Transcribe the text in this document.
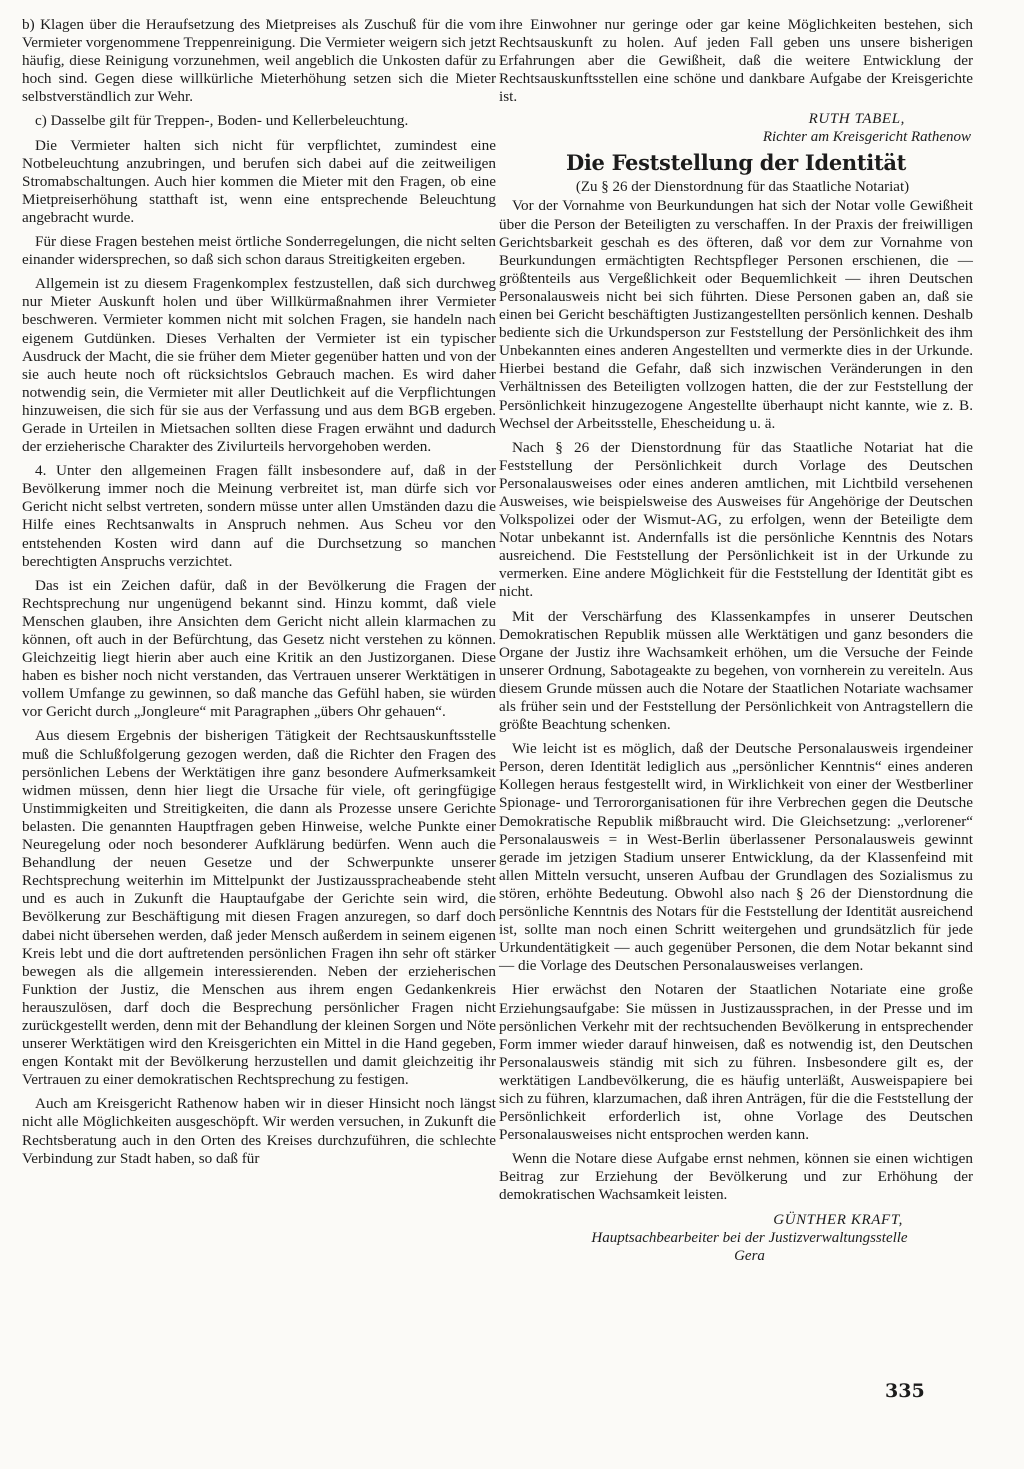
b) Klagen über die Heraufsetzung des Mietpreises als Zuschuß für die vom Vermieter vorgenommene Treppenreinigung. Die Vermieter weigern sich jetzt häufig, diese Reinigung vorzunehmen, weil angeblich die Unkosten dafür zu hoch sind. Gegen diese willkürliche Mieterhöhung setzen sich die Mieter selbstverständlich zur Wehr.

c) Dasselbe gilt für Treppen-, Boden- und Kellerbeleuchtung.

Die Vermieter halten sich nicht für verpflichtet, zumindest eine Notbeleuchtung anzubringen, und berufen sich dabei auf die zeitweiligen Stromabschaltungen. Auch hier kommen die Mieter mit den Fragen, ob eine Mietpreiserhöhung statthaft ist, wenn eine entsprechende Beleuchtung angebracht wurde.

Für diese Fragen bestehen meist örtliche Sonderregelungen, die nicht selten einander widersprechen, so daß sich schon daraus Streitigkeiten ergeben.

Allgemein ist zu diesem Fragenkomplex festzustellen, daß sich durchweg nur Mieter Auskunft holen und über Willkürmaßnahmen ihrer Vermieter beschweren. Vermieter kommen nicht mit solchen Fragen, sie handeln nach eigenem Gutdünken. Dieses Verhalten der Vermieter ist ein typischer Ausdruck der Macht, die sie früher dem Mieter gegenüber hatten und von der sie auch heute noch oft rücksichtslos Gebrauch machen. Es wird daher notwendig sein, die Vermieter mit aller Deutlichkeit auf die Verpflichtungen hinzuweisen, die sich für sie aus der Verfassung und aus dem BGB ergeben. Gerade in Urteilen in Mietsachen sollten diese Fragen erwähnt und dadurch der erzieherische Charakter des Zivilurteils hervorgehoben werden.

4. Unter den allgemeinen Fragen fällt insbesondere auf, daß in der Bevölkerung immer noch die Meinung verbreitet ist, man dürfe sich vor Gericht nicht selbst vertreten, sondern müsse unter allen Umständen dazu die Hilfe eines Rechtsanwalts in Anspruch nehmen. Aus Scheu vor den entstehenden Kosten wird dann auf die Durchsetzung so manchen berechtigten Anspruchs verzichtet.

Das ist ein Zeichen dafür, daß in der Bevölkerung die Fragen der Rechtsprechung nur ungenügend bekannt sind. Hinzu kommt, daß viele Menschen glauben, ihre Ansichten dem Gericht nicht allein klarmachen zu können, oft auch in der Befürchtung, das Gesetz nicht verstehen zu können. Gleichzeitig liegt hierin aber auch eine Kritik an den Justizorganen. Diese haben es bisher noch nicht verstanden, das Vertrauen unserer Werktätigen in vollem Umfange zu gewinnen, so daß manche das Gefühl haben, sie würden vor Gericht durch „Jongleure“ mit Paragraphen „übers Ohr gehauen“.

Aus diesem Ergebnis der bisherigen Tätigkeit der Rechtsauskunftsstelle muß die Schlußfolgerung gezogen werden, daß die Richter den Fragen des persönlichen Lebens der Werktätigen ihre ganz besondere Aufmerksamkeit widmen müssen, denn hier liegt die Ursache für viele, oft geringfügige Unstimmigkeiten und Streitigkeiten, die dann als Prozesse unsere Gerichte belasten. Die genannten Hauptfragen geben Hinweise, welche Punkte einer Neuregelung oder noch besonderer Aufklärung bedürfen. Wenn auch die Behandlung der neuen Gesetze und der Schwerpunkte unserer Rechtsprechung weiterhin im Mittelpunkt der Justizausspracheabende steht und es auch in Zukunft die Hauptaufgabe der Gerichte sein wird, die Bevölkerung zur Beschäftigung mit diesen Fragen anzuregen, so darf doch dabei nicht übersehen werden, daß jeder Mensch außerdem in seinem eigenen Kreis lebt und die dort auftretenden persönlichen Fragen ihn sehr oft stärker bewegen als die allgemein interessierenden. Neben der erzieherischen Funktion der Justiz, die Menschen aus ihrem engen Gedankenkreis herauszulösen, darf doch die Besprechung persönlicher Fragen nicht zurückgestellt werden, denn mit der Behandlung der kleinen Sorgen und Nöte unserer Werktätigen wird den Kreisgerichten ein Mittel in die Hand gegeben, engen Kontakt mit der Bevölkerung herzustellen und damit gleichzeitig ihr Vertrauen zu einer demokratischen Rechtsprechung zu festigen.

Auch am Kreisgericht Rathenow haben wir in dieser Hinsicht noch längst nicht alle Möglichkeiten ausgeschöpft. Wir werden versuchen, in Zukunft die Rechtsberatung auch in den Orten des Kreises durchzuführen, die schlechte Verbindung zur Stadt haben, so daß für

ihre Einwohner nur geringe oder gar keine Möglichkeiten bestehen, sich Rechtsauskunft zu holen. Auf jeden Fall geben uns unsere bisherigen Erfahrungen aber die Gewißheit, daß die weitere Entwicklung der Rechtsauskunftsstellen eine schöne und dankbare Aufgabe der Kreisgerichte ist.

RUTH TABEL,

Richter am Kreisgericht Rathenow

Die Feststellung der Identität

(Zu § 26 der Dienstordnung für das Staatliche Notariat)

Vor der Vornahme von Beurkundungen hat sich der Notar volle Gewißheit über die Person der Beteiligten zu verschaffen. In der Praxis der freiwilligen Gerichtsbarkeit geschah es des öfteren, daß vor dem zur Vornahme von Beurkundungen ermächtigten Rechtspfleger Personen erschienen, die — größtenteils aus Vergeßlichkeit oder Bequemlichkeit — ihren Deutschen Personalausweis nicht bei sich führten. Diese Personen gaben an, daß sie einen bei Gericht beschäftigten Justizangestellten persönlich kennen. Deshalb bediente sich die Urkundsperson zur Feststellung der Persönlichkeit des ihm Unbekannten eines anderen Angestellten und vermerkte dies in der Urkunde. Hierbei bestand die Gefahr, daß sich inzwischen Veränderungen in den Verhältnissen des Beteiligten vollzogen hatten, die der zur Feststellung der Persönlichkeit hinzugezogene Angestellte überhaupt nicht kannte, wie z. B. Wechsel der Arbeitsstelle, Ehescheidung u. ä.

Nach § 26 der Dienstordnung für das Staatliche Notariat hat die Feststellung der Persönlichkeit durch Vorlage des Deutschen Personalausweises oder eines anderen amtlichen, mit Lichtbild versehenen Ausweises, wie beispielsweise des Ausweises für Angehörige der Deutschen Volkspolizei oder der Wismut-AG, zu erfolgen, wenn der Beteiligte dem Notar unbekannt ist. Andernfalls ist die persönliche Kenntnis des Notars ausreichend. Die Feststellung der Persönlichkeit ist in der Urkunde zu vermerken. Eine andere Möglichkeit für die Feststellung der Identität gibt es nicht.

Mit der Verschärfung des Klassenkampfes in unserer Deutschen Demokratischen Republik müssen alle Werktätigen und ganz besonders die Organe der Justiz ihre Wachsamkeit erhöhen, um die Versuche der Feinde unserer Ordnung, Sabotageakte zu begehen, von vornherein zu vereiteln. Aus diesem Grunde müssen auch die Notare der Staatlichen Notariate wachsamer als früher sein und der Feststellung der Persönlichkeit von Antragstellern die größte Beachtung schenken.

Wie leicht ist es möglich, daß der Deutsche Personalausweis irgendeiner Person, deren Identität lediglich aus „persönlicher Kenntnis“ eines anderen Kollegen heraus festgestellt wird, in Wirklichkeit von einer der Westberliner Spionage- und Terrororganisationen für ihre Verbrechen gegen die Deutsche Demokratische Republik mißbraucht wird. Die Gleichsetzung: „verlorener“ Personalausweis = in West-Berlin überlassener Personalausweis gewinnt gerade im jetzigen Stadium unserer Entwicklung, da der Klassenfeind mit allen Mitteln versucht, unseren Aufbau der Grundlagen des Sozialismus zu stören, erhöhte Bedeutung. Obwohl also nach § 26 der Dienstordnung die persönliche Kenntnis des Notars für die Feststellung der Identität ausreichend ist, sollte man noch einen Schritt weitergehen und grundsätzlich für jede Urkundentätigkeit — auch gegenüber Personen, die dem Notar bekannt sind — die Vorlage des Deutschen Personalausweises verlangen.

Hier erwächst den Notaren der Staatlichen Notariate eine große Erziehungsaufgabe: Sie müssen in Justizaussprachen, in der Presse und im persönlichen Verkehr mit der rechtsuchenden Bevölkerung in entsprechender Form immer wieder darauf hinweisen, daß es notwendig ist, den Deutschen Personalausweis ständig mit sich zu führen. Insbesondere gilt es, der werktätigen Landbevölkerung, die es häufig unterläßt, Ausweispapiere bei sich zu führen, klarzumachen, daß ihren Anträgen, für die die Feststellung der Persönlichkeit erforderlich ist, ohne Vorlage des Deutschen Personalausweises nicht entsprochen werden kann.

Wenn die Notare diese Aufgabe ernst nehmen, können sie einen wichtigen Beitrag zur Erziehung der Bevölkerung und zur Erhöhung der demokratischen Wachsamkeit leisten.

GÜNTHER KRAFT,

Hauptsachbearbeiter bei der Justizverwaltungsstelle

Gera

335
